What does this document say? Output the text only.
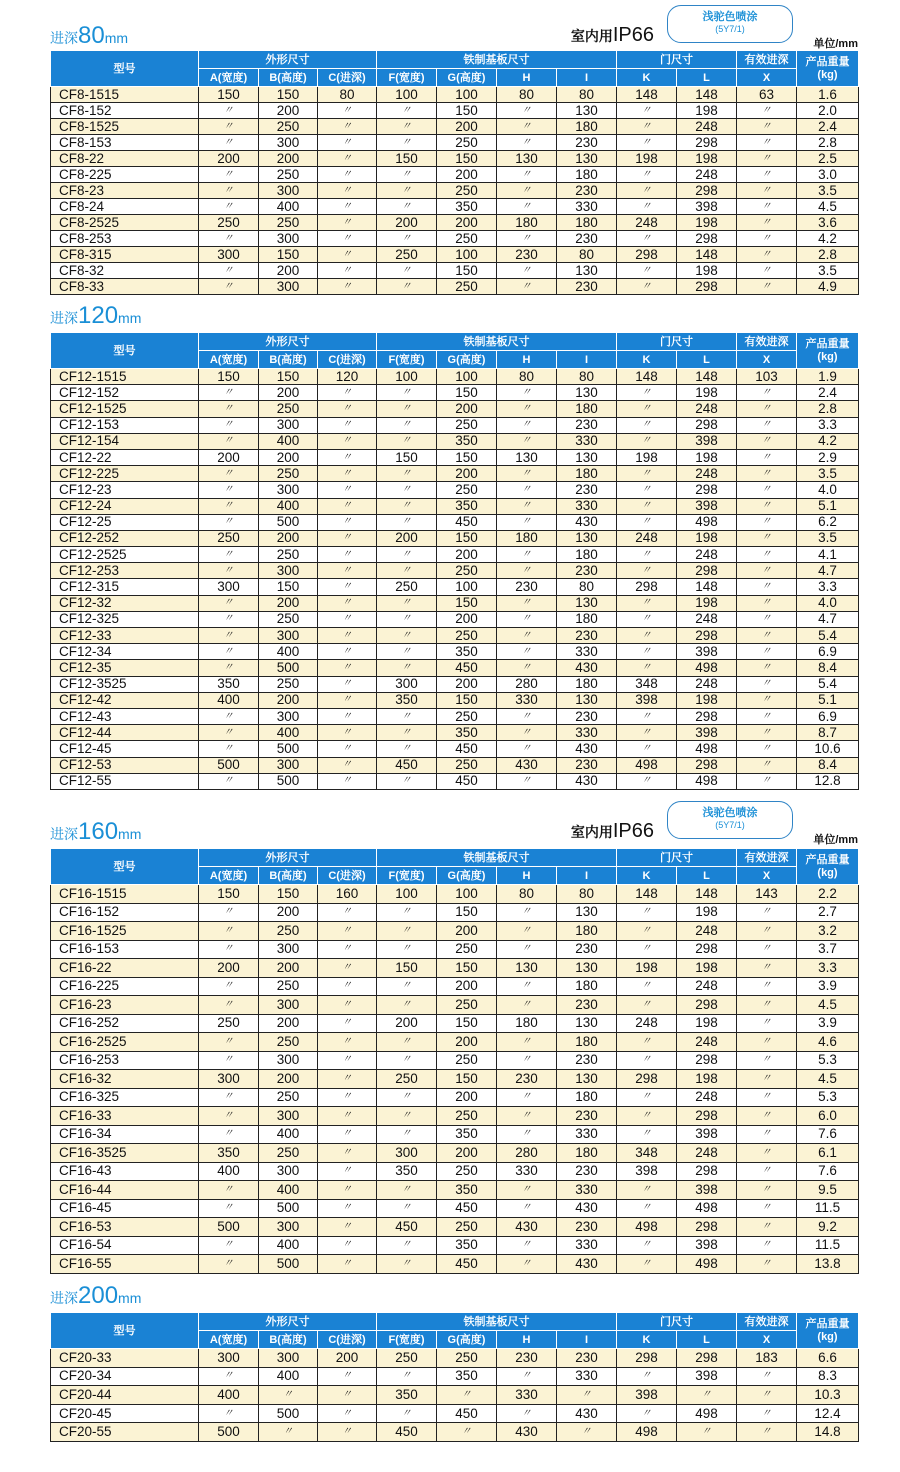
进深80mm	室内用IP66
浅驼色喷涂
(5Y7/1)
单位/mm
型号	外形尺寸			铁制基板尺寸				门尺寸		有效进深	产品重量
(kg)
	A(宽度)	B(高度)	C(进深)	F(宽度)	G(高度)	H	I	K	L	X	
CF8-1515	150	150	80	100	100	80	80	148	148	63	1.6
CF8-152	〃	200	〃	〃	150	〃	130	〃	198	〃	2.0
CF8-1525	〃	250	〃	〃	200	〃	180	〃	248	〃	2.4
CF8-153	〃	300	〃	〃	250	〃	230	〃	298	〃	2.8
CF8-22	200	200	〃	150	150	130	130	198	198	〃	2.5
CF8-225	〃	250	〃	〃	200	〃	180	〃	248	〃	3.0
CF8-23	〃	300	〃	〃	250	〃	230	〃	298	〃	3.5
CF8-24	〃	400	〃	〃	350	〃	330	〃	398	〃	4.5
CF8-2525	250	250	〃	200	200	180	180	248	198	〃	3.6
CF8-253	〃	300	〃	〃	250	〃	230	〃	298	〃	4.2
CF8-315	300	150	〃	250	100	230	80	298	148	〃	2.8
CF8-32	〃	200	〃	〃	150	〃	130	〃	198	〃	3.5
CF8-33	〃	300	〃	〃	250	〃	230	〃	298	〃	4.9
进深120mm
型号	外形尺寸			铁制基板尺寸				门尺寸		有效进深	产品重量
(kg)
	A(宽度)	B(高度)	C(进深)	F(宽度)	G(高度)	H	I	K	L	X	
CF12-1515	150	150	120	100	100	80	80	148	148	103	1.9
CF12-152	〃	200	〃	〃	150	〃	130	〃	198	〃	2.4
CF12-1525	〃	250	〃	〃	200	〃	180	〃	248	〃	2.8
CF12-153	〃	300	〃	〃	250	〃	230	〃	298	〃	3.3
CF12-154	〃	400	〃	〃	350	〃	330	〃	398	〃	4.2
CF12-22	200	200	〃	150	150	130	130	198	198	〃	2.9
CF12-225	〃	250	〃	〃	200	〃	180	〃	248	〃	3.5
CF12-23	〃	300	〃	〃	250	〃	230	〃	298	〃	4.0
CF12-24	〃	400	〃	〃	350	〃	330	〃	398	〃	5.1
CF12-25	〃	500	〃	〃	450	〃	430	〃	498	〃	6.2
CF12-252	250	200	〃	200	150	180	130	248	198	〃	3.5
CF12-2525	〃	250	〃	〃	200	〃	180	〃	248	〃	4.1
CF12-253	〃	300	〃	〃	250	〃	230	〃	298	〃	4.7
CF12-315	300	150	〃	250	100	230	80	298	148	〃	3.3
CF12-32	〃	200	〃	〃	150	〃	130	〃	198	〃	4.0
CF12-325	〃	250	〃	〃	200	〃	180	〃	248	〃	4.7
CF12-33	〃	300	〃	〃	250	〃	230	〃	298	〃	5.4
CF12-34	〃	400	〃	〃	350	〃	330	〃	398	〃	6.9
CF12-35	〃	500	〃	〃	450	〃	430	〃	498	〃	8.4
CF12-3525	350	250	〃	300	200	280	180	348	248	〃	5.4
CF12-42	400	200	〃	350	150	330	130	398	198	〃	5.1
CF12-43	〃	300	〃	〃	250	〃	230	〃	298	〃	6.9
CF12-44	〃	400	〃	〃	350	〃	330	〃	398	〃	8.7
CF12-45	〃	500	〃	〃	450	〃	430	〃	498	〃	10.6
CF12-53	500	300	〃	450	250	430	230	498	298	〃	8.4
CF12-55	〃	500	〃	〃	450	〃	430	〃	498	〃	12.8
进深160mm	室内用IP66
浅驼色喷涂
(5Y7/1)
单位/mm
型号	外形尺寸			铁制基板尺寸				门尺寸		有效进深	产品重量
(kg)
	A(宽度)	B(高度)	C(进深)	F(宽度)	G(高度)	H	I	K	L	X	
CF16-1515	150	150	160	100	100	80	80	148	148	143	2.2
CF16-152	〃	200	〃	〃	150	〃	130	〃	198	〃	2.7
CF16-1525	〃	250	〃	〃	200	〃	180	〃	248	〃	3.2
CF16-153	〃	300	〃	〃	250	〃	230	〃	298	〃	3.7
CF16-22	200	200	〃	150	150	130	130	198	198	〃	3.3
CF16-225	〃	250	〃	〃	200	〃	180	〃	248	〃	3.9
CF16-23	〃	300	〃	〃	250	〃	230	〃	298	〃	4.5
CF16-252	250	200	〃	200	150	180	130	248	198	〃	3.9
CF16-2525	〃	250	〃	〃	200	〃	180	〃	248	〃	4.6
CF16-253	〃	300	〃	〃	250	〃	230	〃	298	〃	5.3
CF16-32	300	200	〃	250	150	230	130	298	198	〃	4.5
CF16-325	〃	250	〃	〃	200	〃	180	〃	248	〃	5.3
CF16-33	〃	300	〃	〃	250	〃	230	〃	298	〃	6.0
CF16-34	〃	400	〃	〃	350	〃	330	〃	398	〃	7.6
CF16-3525	350	250	〃	300	200	280	180	348	248	〃	6.1
CF16-43	400	300	〃	350	250	330	230	398	298	〃	7.6
CF16-44	〃	400	〃	〃	350	〃	330	〃	398	〃	9.5
CF16-45	〃	500	〃	〃	450	〃	430	〃	498	〃	11.5
CF16-53	500	300	〃	450	250	430	230	498	298	〃	9.2
CF16-54	〃	400	〃	〃	350	〃	330	〃	398	〃	11.5
CF16-55	〃	500	〃	〃	450	〃	430	〃	498	〃	13.8
进深200mm
型号	外形尺寸			铁制基板尺寸				门尺寸		有效进深	产品重量
(kg)
	A(宽度)	B(高度)	C(进深)	F(宽度)	G(高度)	H	I	K	L	X	
CF20-33	300	300	200	250	250	230	230	298	298	183	6.6
CF20-34	〃	400	〃	〃	350	〃	330	〃	398	〃	8.3
CF20-44	400	〃	〃	350	〃	330	〃	398	〃	〃	10.3
CF20-45	〃	500	〃	〃	450	〃	430	〃	498	〃	12.4
CF20-55	500	〃	〃	450	〃	430	〃	498	〃	〃	14.8
